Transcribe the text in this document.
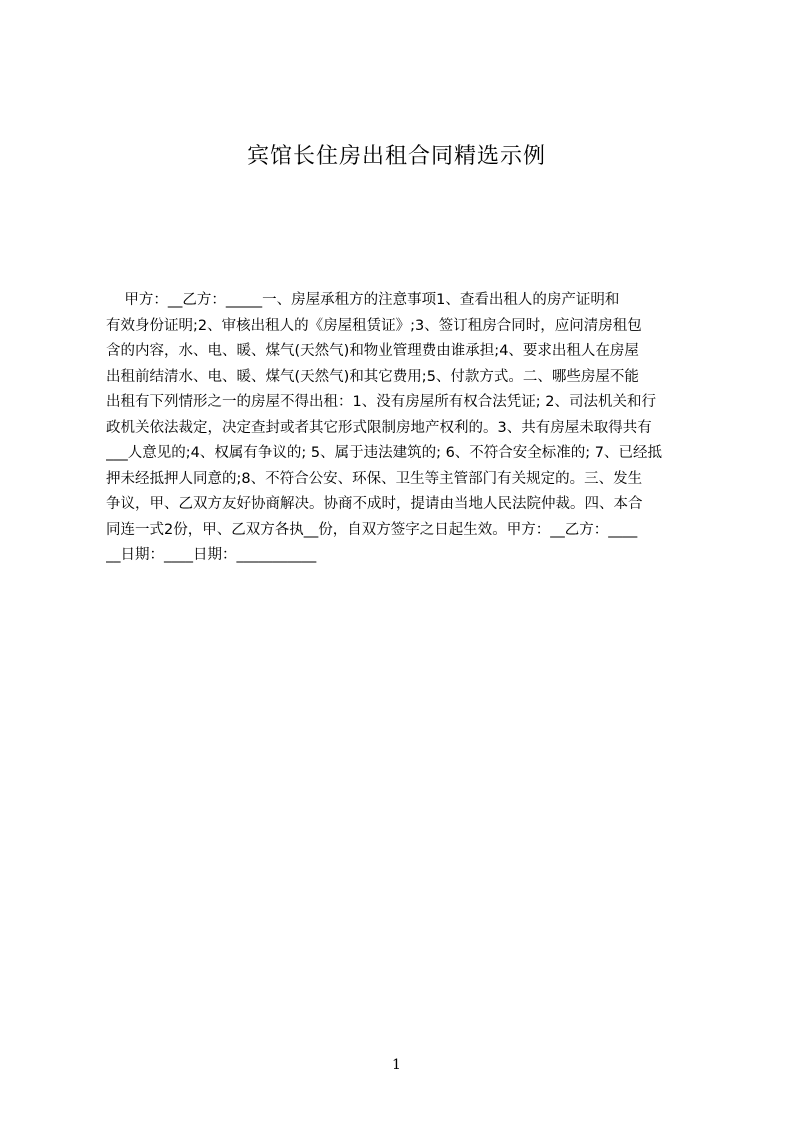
宾馆长住房出租合同精选示例
甲方：__乙方：_____一、房屋承租方的注意事项1、查看出租人的房产证明和
有效身份证明;2、审核出租人的《房屋租赁证》;3、签订租房合同时，应问清房租包
含的内容，水、电、暖、煤气(天然气)和物业管理费由谁承担;4、要求出租人在房屋
出租前结清水、电、暖、煤气(天然气)和其它费用;5、付款方式。二、哪些房屋不能
出租有下列情形之一的房屋不得出租：1、没有房屋所有权合法凭证; 2、司法机关和行
政机关依法裁定，决定查封或者其它形式限制房地产权利的。3、共有房屋未取得共有
___人意见的;4、权属有争议的; 5、属于违法建筑的; 6、不符合安全标准的; 7、已经抵
押未经抵押人同意的;8、不符合公安、环保、卫生等主管部门有关规定的。三、发生
争议，甲、乙双方友好协商解决。协商不成时，提请由当地人民法院仲裁。四、本合
同连一式2份，甲、乙双方各执__份，自双方签字之日起生效。甲方：__乙方：____
__日期：____日期：___________
1
